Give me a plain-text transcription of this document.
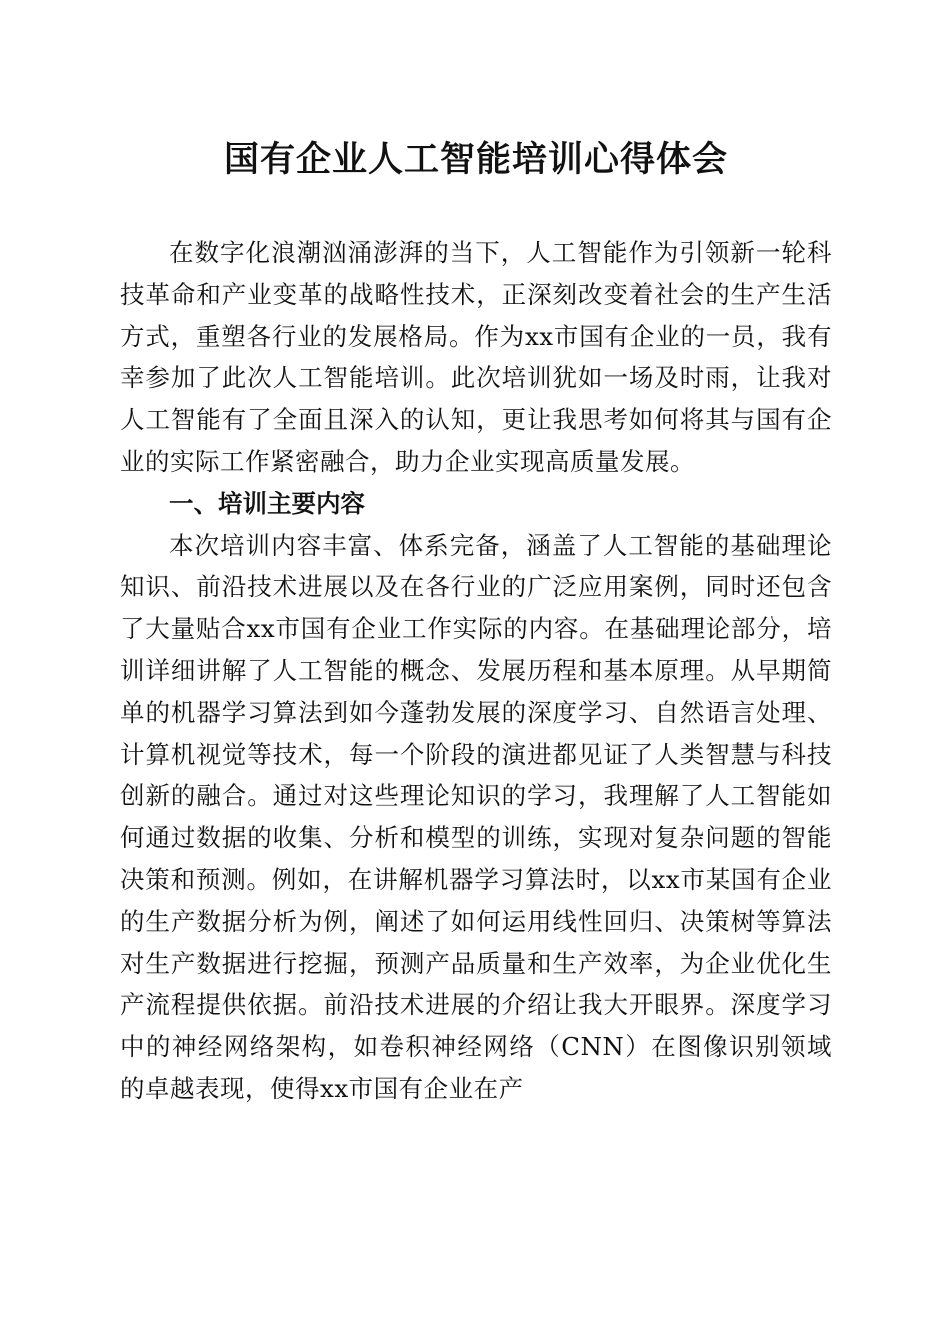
国有企业人工智能培训心得体会

在数字化浪潮汹涌澎湃的当下，人工智能作为引领新一轮科技革命和产业变革的战略性技术，正深刻改变着社会的生产生活方式，重塑各行业的发展格局。作为xx市国有企业的一员，我有幸参加了此次人工智能培训。此次培训犹如一场及时雨，让我对人工智能有了全面且深入的认知，更让我思考如何将其与国有企业的实际工作紧密融合，助力企业实现高质量发展。

一、培训主要内容

本次培训内容丰富、体系完备，涵盖了人工智能的基础理论知识、前沿技术进展以及在各行业的广泛应用案例，同时还包含了大量贴合xx市国有企业工作实际的内容。在基础理论部分，培训详细讲解了人工智能的概念、发展历程和基本原理。从早期简单的机器学习算法到如今蓬勃发展的深度学习、自然语言处理、计算机视觉等技术，每一个阶段的演进都见证了人类智慧与科技创新的融合。通过对这些理论知识的学习，我理解了人工智能如何通过数据的收集、分析和模型的训练，实现对复杂问题的智能决策和预测。例如，在讲解机器学习算法时，以xx市某国有企业的生产数据分析为例，阐述了如何运用线性回归、决策树等算法对生产数据进行挖掘，预测产品质量和生产效率，为企业优化生产流程提供依据。前沿技术进展的介绍让我大开眼界。深度学习中的神经网络架构，如卷积神经网络（CNN）在图像识别领域的卓越表现，使得xx市国有企业在产
